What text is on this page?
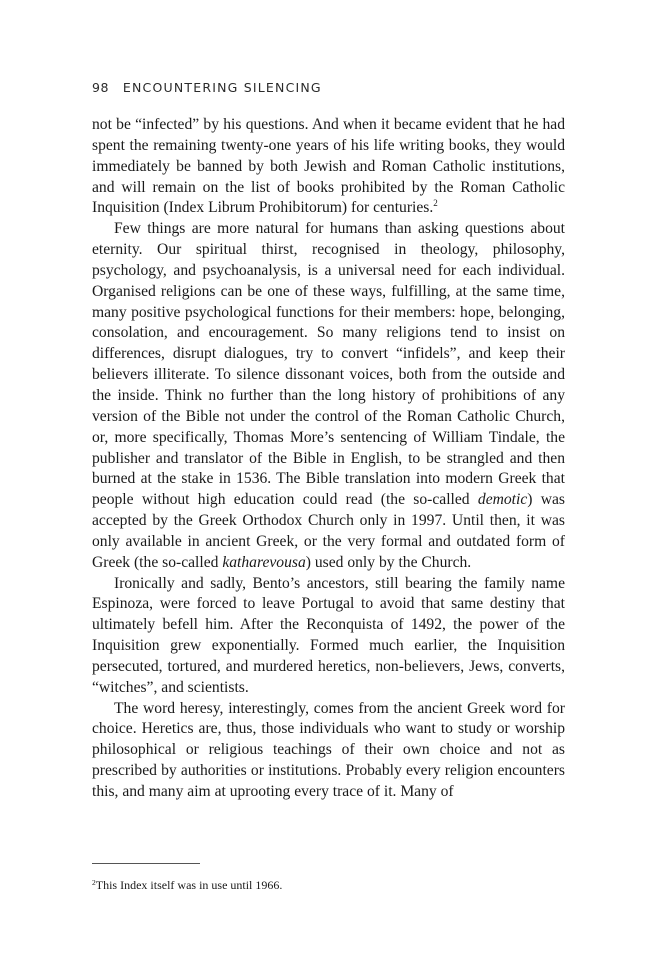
98 ENCOUNTERING SILENCING

not be “infected” by his questions. And when it became evident that he had spent the remaining twenty-one years of his life writing books, they would immediately be banned by both Jewish and Roman Catholic institutions, and will remain on the list of books prohibited by the Roman Catholic Inquisition (Index Librum Prohibitorum) for centuries.$^2$

Few things are more natural for humans than asking questions about eternity. Our spiritual thirst, recognised in theology, philosophy, psychology, and psychoanalysis, is a universal need for each individual. Organised religions can be one of these ways, fulfilling, at the same time, many positive psychological functions for their members: hope, belonging, consolation, and encouragement. So many religions tend to insist on differences, disrupt dialogues, try to convert “infidels”, and keep their believers illiterate. To silence dissonant voices, both from the outside and the inside. Think no further than the long history of prohibitions of any version of the Bible not under the control of the Roman Catholic Church, or, more specifically, Thomas More’s sentencing of William Tindale, the publisher and translator of the Bible in English, to be strangled and then burned at the stake in 1536. The Bible translation into modern Greek that people without high education could read (the so-called demotic) was accepted by the Greek Orthodox Church only in 1997. Until then, it was only available in ancient Greek, or the very formal and outdated form of Greek (the so-called katharevousa) used only by the Church.

Ironically and sadly, Bento’s ancestors, still bearing the family name Espinoza, were forced to leave Portugal to avoid that same destiny that ultimately befell him. After the Reconquista of 1492, the power of the Inquisition grew exponentially. Formed much earlier, the Inquisition persecuted, tortured, and murdered heretics, non-believers, Jews, converts, “witches”, and scientists.

The word heresy, interestingly, comes from the ancient Greek word for choice. Heretics are, thus, those individuals who want to study or worship philosophical or religious teachings of their own choice and not as prescribed by authorities or institutions. Probably every religion encounters this, and many aim at uprooting every trace of it. Many of

$^2$This Index itself was in use until 1966.
